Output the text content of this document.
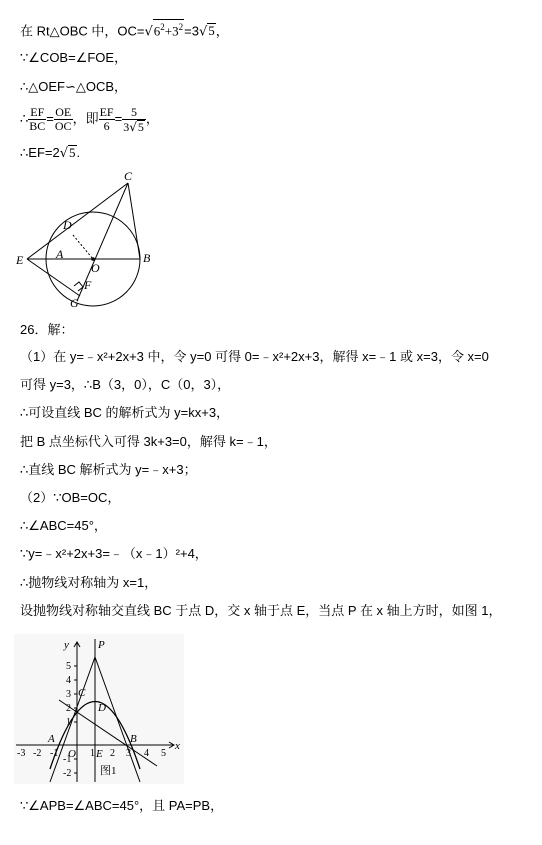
在 Rt△OBC 中，$OC=√6^2+3^2=3√5$，
∵∠COB=∠FOE，
∴△OEF∽△OCB，
∴ $\frac{EF}{BC} = \frac{OE}{OC}$ ，即 $\frac{EF}{6} = \frac{5}{3√5}$ ，
∴EF=2√5.
C
D
E	A
O
B
F
G
26．解：
（1）在 y=﹣x²+2x+3 中，令 y=0 可得 0=﹣x²+2x+3，解得 x=﹣1 或 x=3，令 x=0
可得 y=3，∴B（3，0），C（0，3），
∴可设直线 BC 的解析式为 y=kx+3，
把 B 点坐标代入可得 3k+3=0，解得 k=﹣1，
∴直线 BC 解析式为 y=﹣x+3；
（2）∵OB=OC，
∴∠ABC=45°，
∵y=﹣x²+2x+3=﹣（x﹣1）²+4，
∴抛物线对称轴为 x=1，
设抛物线对称轴交直线 BC 于点 D，交 x 轴于点 E，当点 P 在 x 轴上方时，如图 1，
5
4
3
2
1
-1
-2
-3 -2 -1	1 2 3 4 5
y
x
P
C
D
A
O E
B
图1
∵∠APB=∠ABC=45°，且 PA=PB，
